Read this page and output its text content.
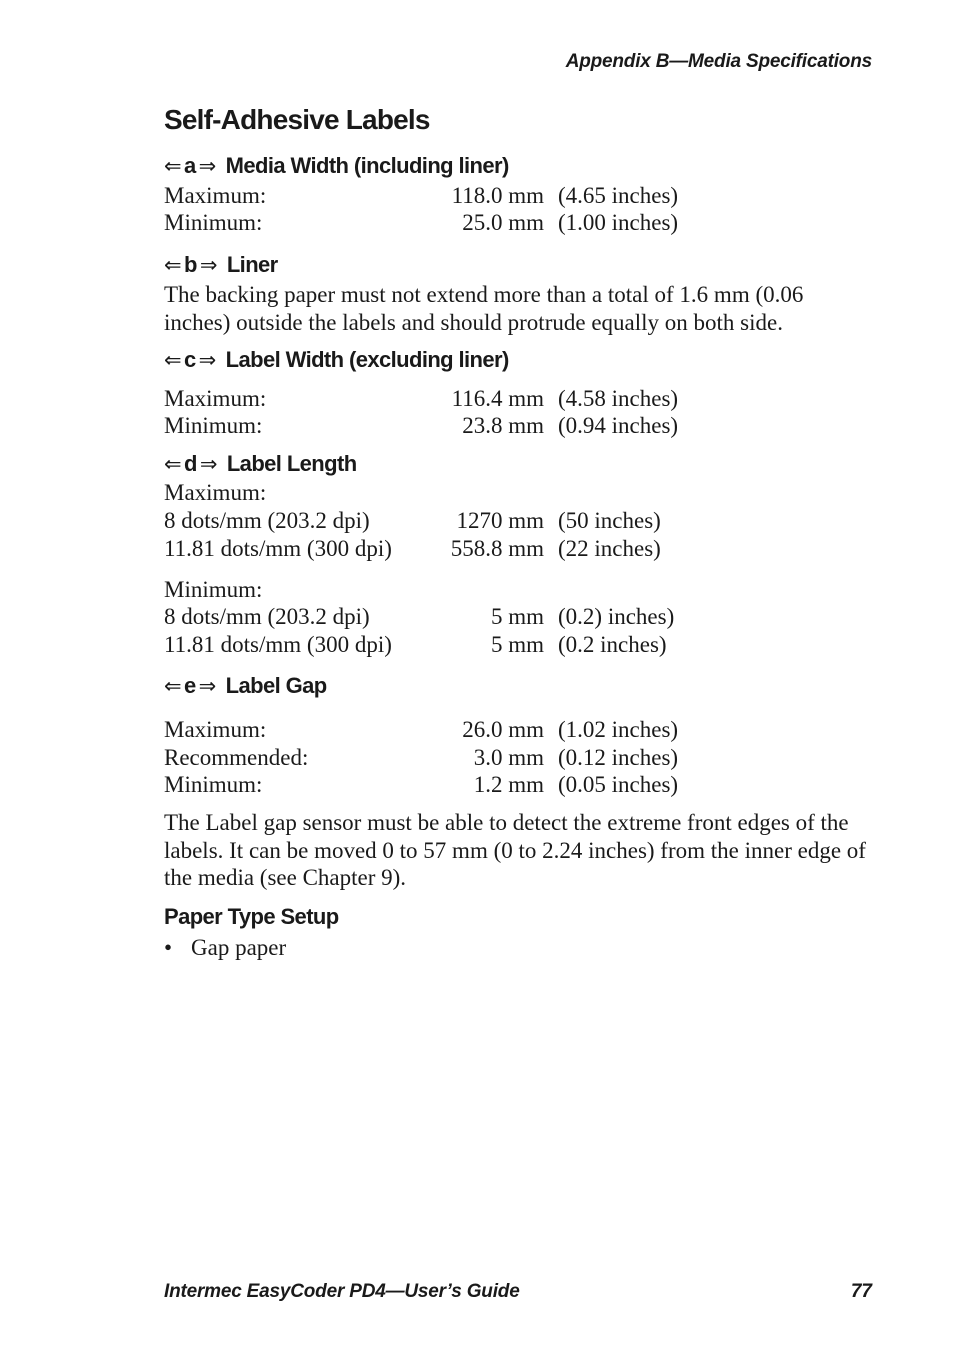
Appendix B—Media Specifications
Self-Adhesive Labels
⇐ a ⇒ Media Width (including liner)
Maximum:	118.0 mm (4.65 inches)
Minimum:	25.0 mm (1.00 inches)
⇐ b ⇒ Liner

The backing paper must not extend more than a total of 1.6 mm (0.06 inches) outside the labels and should protrude equally on both side.

⇐ c ⇒ Label Width (excluding liner)
Maximum:	116.4 mm (4.58 inches)
Minimum:	23.8 mm (0.94 inches)
⇐ d ⇒ Label Length
Maximum:
8 dots/mm (203.2 dpi)	1270 mm (50 inches)
11.81 dots/mm (300 dpi)	558.8 mm (22 inches)
Minimum:
8 dots/mm (203.2 dpi)	5 mm (0.2) inches)
11.81 dots/mm (300 dpi)	5 mm (0.2 inches)
⇐ e ⇒ Label Gap
Maximum:	26.0 mm (1.02 inches)
Recommended:	3.0 mm (0.12 inches)
Minimum:	1.2 mm (0.05 inches)

The Label gap sensor must be able to detect the extreme front edges of the labels. It can be moved 0 to 57 mm (0 to 2.24 inches) from the inner edge of the media (see Chapter 9).

Paper Type Setup
• Gap paper
Intermec EasyCoder PD4—User’s Guide	77
